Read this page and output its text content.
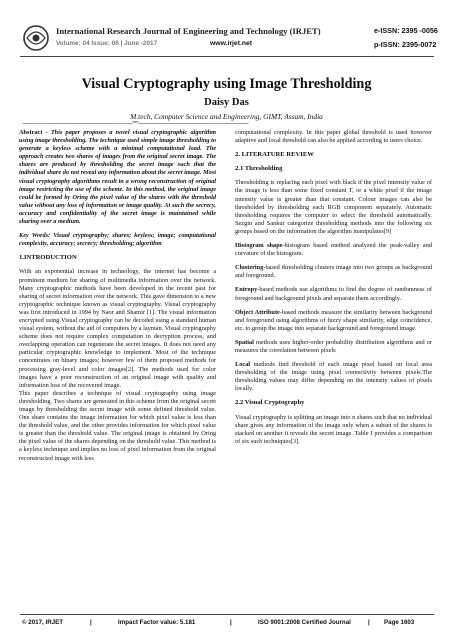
International Research Journal of Engineering and Technology (IRJET)	e-ISSN: 2395 -0056
Volume: 04 Issue: 06 | June -2017	www.irjet.net	p-ISSN: 2395-0072
Visual Cryptography using Image Thresholding
Daisy Das
M.tech, Computer Science and Engineering, GIMT, Assam, India
---------------------------------------------------------------------***---------------------------------------------------------------------

Abstract - This paper proposes a novel visual cryptographic algorithm using image thresholding. The technique used simple image thresholding to generate a keyless scheme with a minimal computational load. The approach creates two shares of images from the original secret image. The shares are produced by thresholding the secret image such that the individual share do not reveal any information about the secret image. Most visual cryptography algorithms result in a wrong reconstruction of original image restricting the use of the scheme. In this method, the original image could be formed by Oring the pixel value of the shares with the threshold value without any loss of information or image quality. At such the secrecy, accuracy and confidentiality of the secret image is maintained while sharing over a medium.

Key Words: Visual cryptography; shares; keyless; image; computational complexity, accuracy; secrecy; thresholding; algorithm

1.INTRODUCTION

With an exponential increase in technology, the internet has become a prominent medium for sharing of multimedia information over the network. Many cryptographic methods have been developed in the recent past for sharing of secret information over the network. This gave dimension to a new cryptographic technique known as visual cryptography. Visual cryptography was first introduced in 1994 by Naor and Shamir [1]. The visual information encrypted using Visual cryptography can be decoded using a standard human visual system, without the aid of computers by a layman. Visual cryptography scheme does not require complex computation in decryption process, and overlapping operation can regenerate the secret images. It does not need any particular cryptographic knowledge to implement. Most of the technique concentrates on binary images; however few of them proposed methods for processing gray-level and color images[2]. The methods used for color images have a poor reconstruction of an original image with quality and information loss of the recovered image.

This paper describes a technique of visual cryptography using image thresholding. Two shares are generated in this scheme from the original secret image by thresholding the secret image with some defined threshold value. One share contains the image information for which pixel value is less than the threshold value, and the other provides information for which pixel value is greater than the threshold value. The original image is obtained by Oring the pixel value of the shares depending on the threshold value. This method is a keyless technique and implies no loss of pixel information from the original reconstructed image with less

computational complexity. In this paper global threshold is used however adaptive and local threshold can also be applied according to users choice.

2. LITERATURE REVIEW
2.1 Thresholding

Thresholding is replacing each pixel with black if the pixel intensity value of the image is less than some fixed constant T, or a white pixel if the image intensity value is greater than that constant. Colour images can also be thresholded by thresholding each RGB component separately. Automatic thresholding requires the computer to select the threshold automatically. Sezgin and Sankur categorize thresholding methods into the following six groups based on the information the algorithm manipulates[9]

Histogram shape-histogram based method analyzed the peak-valley and curvature of the histogram.

Clustering-based thresholding clusters image into two groups as background and foreground.

Entropy-based methods use algorithms to find the degree of randomness of foreground and background pixels and separate them accordingly.

Object Attribute-based methods measure the similarity between background and foreground using algorithms of fuzzy shape similarity, edge coincidence, etc. to group the image into separate background and foreground image.

Spatial methods uses higher-order probability distribution algorithms and or measures the correlation between pixels

Local methods find threshold of each image pixel based on local area thresholding of the image using pixel connectivity between pixels.The thresholding values may differ depending on the intensity values of pixels locally.

2.2 Visual Cryptography

Visual cryptography is splitting an image into n shares such that no individual share gives any information of the image only when a subset of the shares is stacked on another it reveals the secret image. Table I provides a comparison of six such techniques[3].

© 2017, IRJET	|	Impact Factor value: 5.181	|	ISO 9001:2008 Certified Journal	| Page 1603
